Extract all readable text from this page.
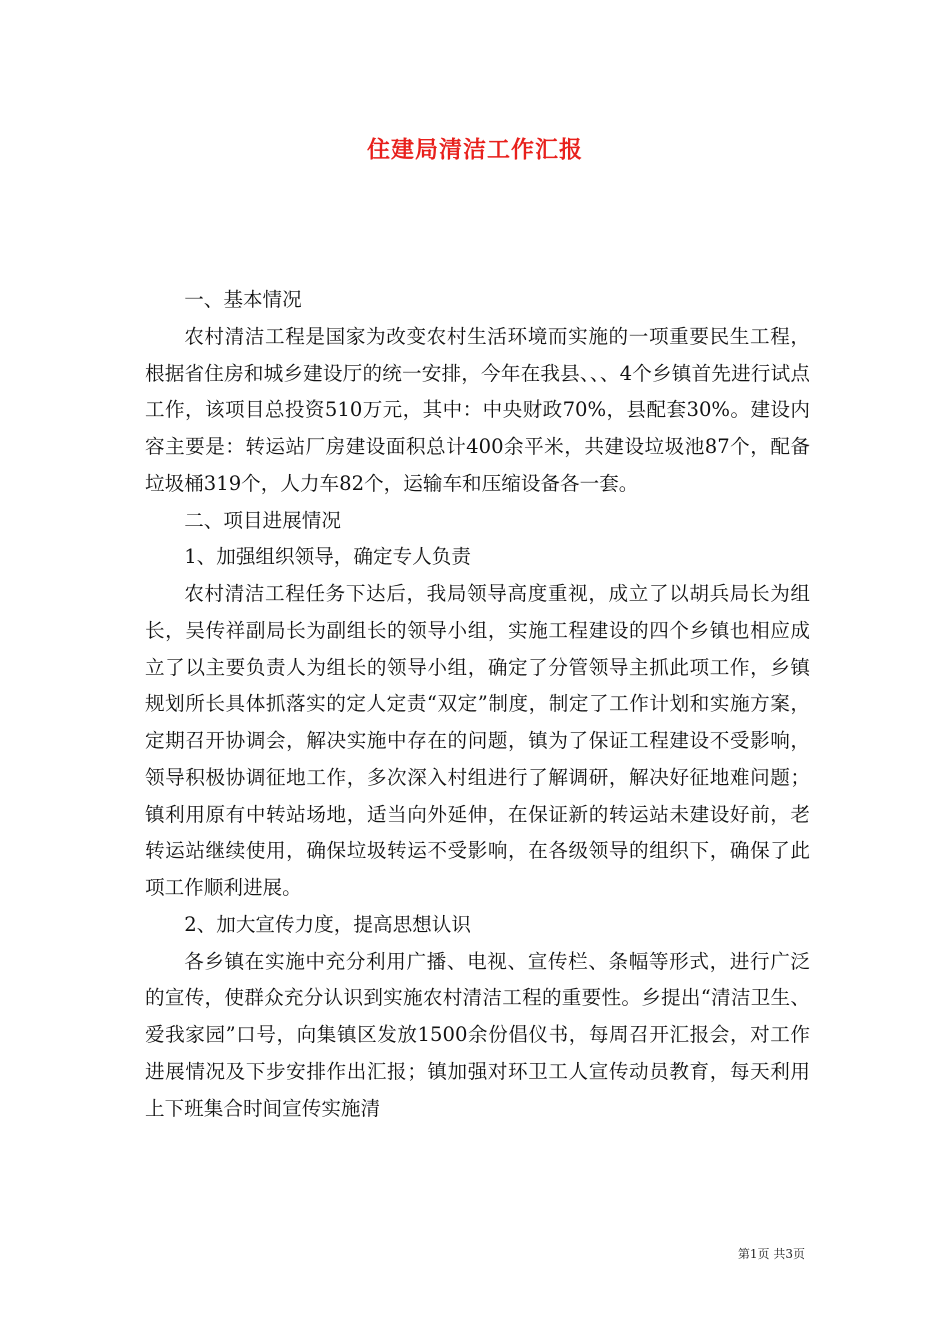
住建局清洁工作汇报

一、基本情况

农村清洁工程是国家为改变农村生活环境而实施的一项重要民生工程，根据省住房和城乡建设厅的统一安排，今年在我县、、、4个乡镇首先进行试点工作，该项目总投资510万元，其中：中央财政70%，县配套30%。建设内容主要是：转运站厂房建设面积总计400余平米，共建设垃圾池87个，配备垃圾桶319个，人力车82个，运输车和压缩设备各一套。

二、项目进展情况

1、加强组织领导，确定专人负责

农村清洁工程任务下达后，我局领导高度重视，成立了以胡兵局长为组长，吴传祥副局长为副组长的领导小组，实施工程建设的四个乡镇也相应成立了以主要负责人为组长的领导小组，确定了分管领导主抓此项工作，乡镇规划所长具体抓落实的定人定责“双定”制度，制定了工作计划和实施方案，定期召开协调会，解决实施中存在的问题，镇为了保证工程建设不受影响，领导积极协调征地工作，多次深入村组进行了解调研，解决好征地难问题；镇利用原有中转站场地，适当向外延伸，在保证新的转运站未建设好前，老转运站继续使用，确保垃圾转运不受影响，在各级领导的组织下，确保了此项工作顺利进展。

2、加大宣传力度，提高思想认识

各乡镇在实施中充分利用广播、电视、宣传栏、条幅等形式，进行广泛的宣传，使群众充分认识到实施农村清洁工程的重要性。乡提出“清洁卫生、爱我家园”口号，向集镇区发放1500余份倡仪书，每周召开汇报会，对工作进展情况及下步安排作出汇报；镇加强对环卫工人宣传动员教育，每天利用上下班集合时间宣传实施清

第1页 共3页
